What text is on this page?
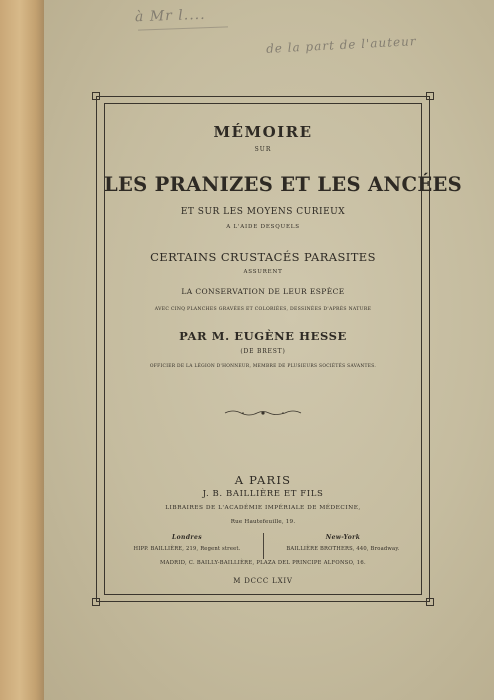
à Mr l....
de la part de l'auteur
MÉMOIRE
SUR
LES PRANIZES ET LES ANCÉES
ET SUR LES MOYENS CURIEUX
A L'AIDE DESQUELS
CERTAINS CRUSTACÉS PARASITES
ASSURENT
LA CONSERVATION DE LEUR ESPÈCE
AVEC CINQ PLANCHES GRAVÉES ET COLORIÉES, DESSINÉES D'APRÈS NATURE
PAR M. EUGÈNE HESSE
(DE BREST)
OFFICIER DE LA LÉGION D'HONNEUR, MEMBRE DE PLUSIEURS SOCIÉTÉS SAVANTES.
A PARIS
J. B. BAILLIÈRE ET FILS
LIBRAIRES DE L'ACADÉMIE IMPÉRIALE DE MÉDECINE,
Rue Hautefeuille, 19.
Londres
HIPP. BAILLIÈRE, 219, Regent street.
New-York
BAILLIÈRE BROTHERS, 440, Broadway.
MADRID, C. BAILLY-BAILLIÈRE, PLAZA DEL PRINCIPE ALFONSO, 16.
M DCCC LXIV
